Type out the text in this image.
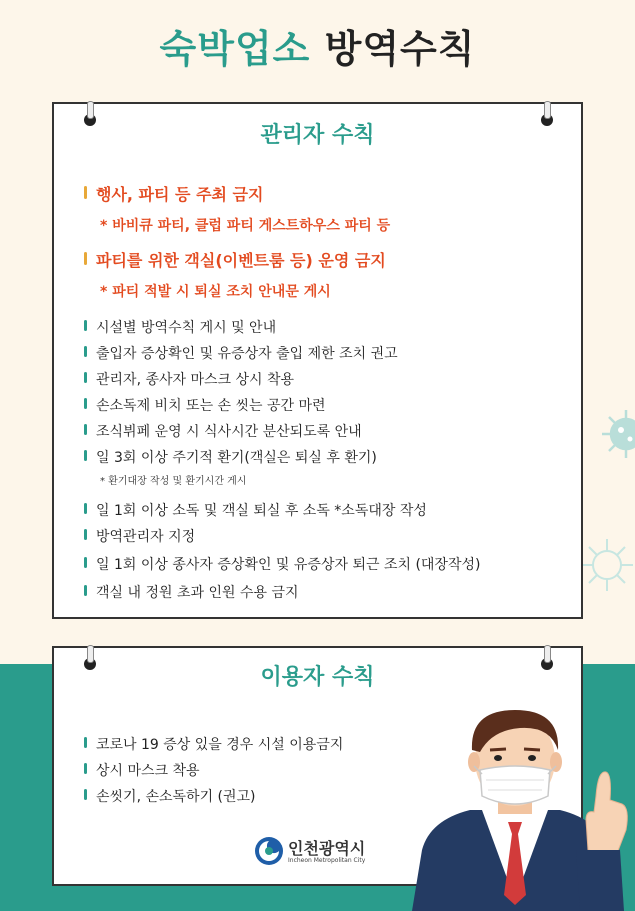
숙박업소 방역수칙
관리자 수칙
행사, 파티 등 주최 금지
* 바비큐 파티, 클럽 파티 게스트하우스 파티 등
파티를 위한 객실(이벤트룸 등) 운영 금지
* 파티 적발 시 퇴실 조치 안내문 게시
시설별 방역수칙 게시 및 안내
출입자 증상확인 및 유증상자 출입 제한 조치 권고
관리자, 종사자 마스크 상시 착용
손소독제 비치 또는 손 씻는 공간 마련
조식뷔페 운영 시 식사시간 분산되도록 안내
일 3회 이상 주기적 환기(객실은 퇴실 후 환기)
* 환기대장 작성 및 환기시간 게시
일 1회 이상 소독 및 객실 퇴실 후 소독 *소독대장 작성
방역관리자 지정
일 1회 이상 종사자 증상확인 및 유증상자 퇴근 조치 (대장작성)
객실 내 정원 초과 인원 수용 금지
이용자 수칙
코로나 19 증상 있을 경우 시설 이용금지
상시 마스크 착용
손씻기, 손소독하기 (권고)
인천광역시
Incheon Metropolitan City
